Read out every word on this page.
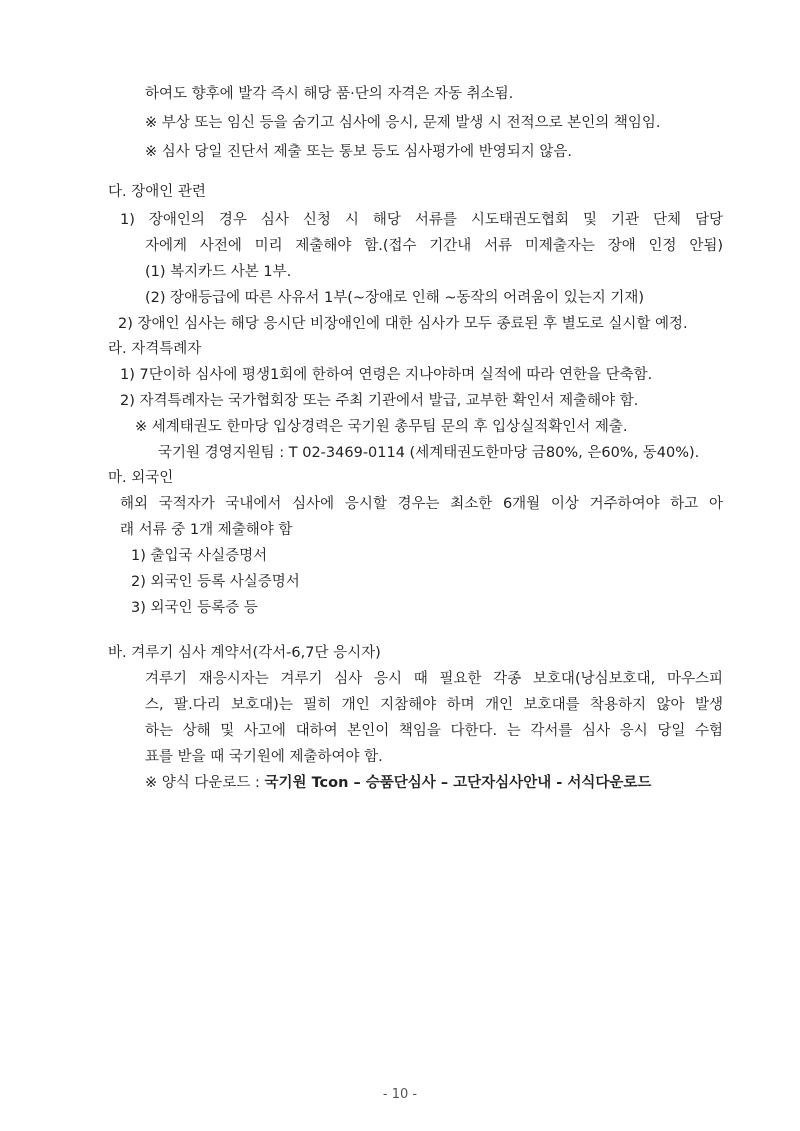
하여도 향후에 발각 즉시 해당 품·단의 자격은 자동 취소됨.
※ 부상 또는 임신 등을 숨기고 심사에 응시, 문제 발생 시 전적으로 본인의 책임임.
※ 심사 당일 진단서 제출 또는 통보 등도 심사평가에 반영되지 않음.
다. 장애인 관련
1) 장애인의 경우 심사 신청 시 해당 서류를 시도태권도협회 및 기관 단체 담당
자에게 사전에 미리 제출해야 함.(접수 기간내 서류 미제출자는 장애 인정 안됨)
(1) 복지카드 사본 1부.
(2) 장애등급에 따른 사유서 1부(~장애로 인해 ~동작의 어려움이 있는지 기재)
2) 장애인 심사는 해당 응시단 비장애인에 대한 심사가 모두 종료된 후 별도로 실시할 예정.
라. 자격특례자
1) 7단이하 심사에 평생1회에 한하여 연령은 지나야하며 실적에 따라 연한을 단축함.
2) 자격특례자는 국가협회장 또는 주최 기관에서 발급, 교부한 확인서 제출해야 함.
※ 세계태권도 한마당 입상경력은 국기원 총무팀 문의 후 입상실적확인서 제출.
국기원 경영지원팀 : T 02-3469-0114 (세계태권도한마당 금80%, 은60%, 동40%).
마. 외국인
해외 국적자가 국내에서 심사에 응시할 경우는 최소한 6개월 이상 거주하여야 하고 아
래 서류 중 1개 제출해야 함
1) 출입국 사실증명서
2) 외국인 등록 사실증명서
3) 외국인 등록증 등
바. 겨루기 심사 계약서(각서-6,7단 응시자)
겨루기 재응시자는 겨루기 심사 응시 때 필요한 각종 보호대(낭심보호대, 마우스피
스, 팔.다리 보호대)는 필히 개인 지참해야 하며 개인 보호대를 착용하지 않아 발생
하는 상해 및 사고에 대하여 본인이 책임을 다한다. 는 각서를 심사 응시 당일 수험
표를 받을 때 국기원에 제출하여야 함.
※ 양식 다운로드 : 국기원 Tcon – 승품단심사 – 고단자심사안내 - 서식다운로드
- 10 -
